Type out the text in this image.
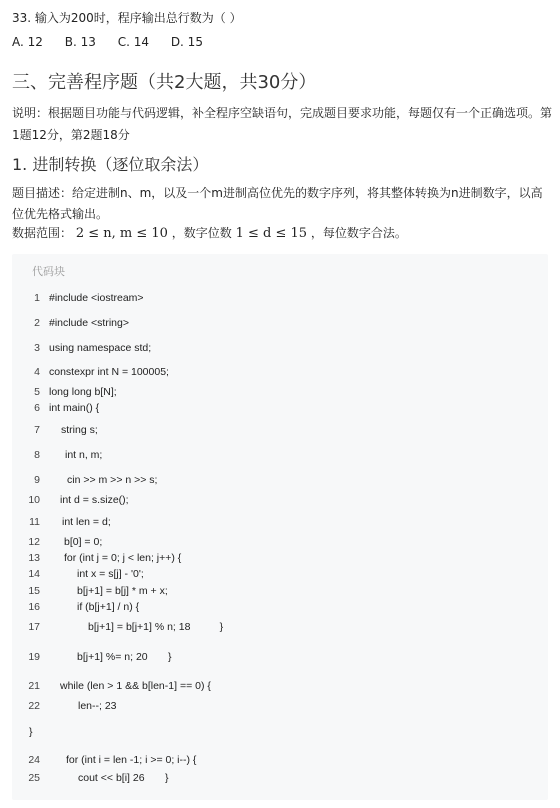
33. 输入为200时，程序输出总行数为（ ）
A. 12 B. 13 C. 14 D. 15
三、完善程序题（共2大题，共30分）
说明：根据题目功能与代码逻辑，补全程序空缺语句，完成题目要求功能，每题仅有一个正确选项。第1题12分，第2题18分
1. 进制转换（逐位取余法）
题目描述：给定进制n、m，以及一个m进制高位优先的数字序列，将其整体转换为n进制数字，以高位优先格式输出。
数据范围： 2 ≤ n, m ≤ 10 ，数字位数 1 ≤ d ≤ 15 ，每位数字合法。
代码块
1 #include <iostream>
2 #include <string>
3 using namespace std;
4 constexpr int N = 100005;
5 long long b[N];
6 int main() {
7 string s;
8 int n, m;
9	cin >> m >> n >> s;
10 int d = s.size();
11 int len = d;
12 b[0] = 0;
13 for (int j = 0; j < len; j++) {
14	int x = s[j] - '0';
15	b[j+1] = b[j] * m + x;
16	if (b[j+1] / n) {
17	b[j+1] = b[j+1] % n; 18          }
19	b[j+1] %= n; 20       }
21 while (len > 1 && b[len-1] == 0) {
22	len--; 23
}
24 for (int i = len -1; i >= 0; i--) {
25	cout << b[i] 26       }
